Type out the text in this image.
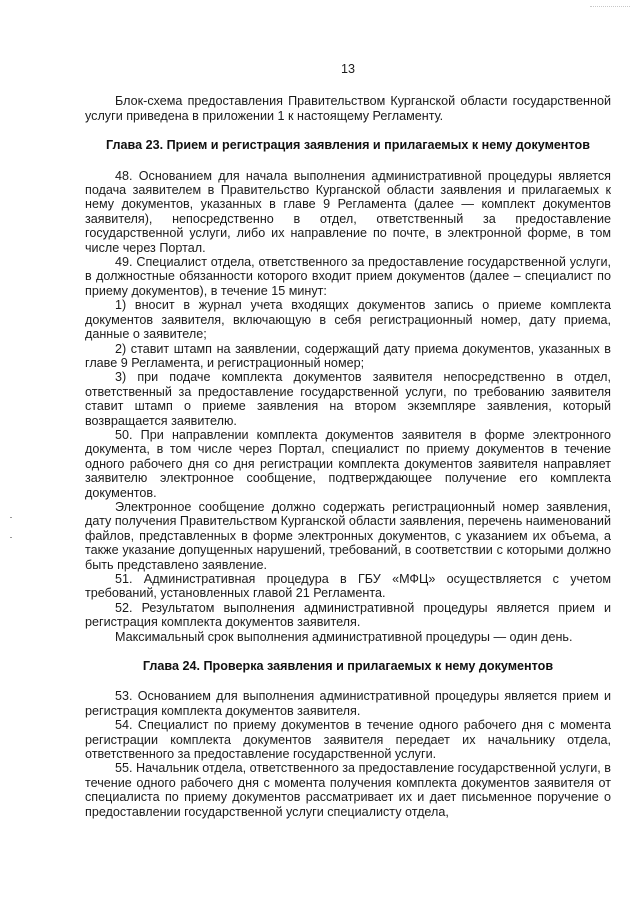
13

Блок-схема предоставления Правительством Курганской области государственной услуги приведена в приложении 1 к настоящему Регламенту.

Глава 23. Прием и регистрация заявления и прилагаемых к нему документов

48. Основанием для начала выполнения административной процедуры является подача заявителем в Правительство Курганской области заявления и прилагаемых к нему документов, указанных в главе 9 Регламента (далее — комплект документов заявителя), непосредственно в отдел, ответственный за предоставление государственной услуги, либо их направление по почте, в электронной форме, в том числе через Портал.

49. Специалист отдела, ответственного за предоставление государственной услуги, в должностные обязанности которого входит прием документов (далее – специалист по приему документов), в течение 15 минут:

1) вносит в журнал учета входящих документов запись о приеме комплекта документов заявителя, включающую в себя регистрационный номер, дату приема, данные о заявителе;

2) ставит штамп на заявлении, содержащий дату приема документов, указанных в главе 9 Регламента, и регистрационный номер;

3) при подаче комплекта документов заявителя непосредственно в отдел, ответственный за предоставление государственной услуги, по требованию заявителя ставит штамп о приеме заявления на втором экземпляре заявления, который возвращается заявителю.

50. При направлении комплекта документов заявителя в форме электронного документа, в том числе через Портал, специалист по приему документов в течение одного рабочего дня со дня регистрации комплекта документов заявителя направляет заявителю электронное сообщение, подтверждающее получение его комплекта документов.

Электронное сообщение должно содержать регистрационный номер заявления, дату получения Правительством Курганской области заявления, перечень наименований файлов, представленных в форме электронных документов, с указанием их объема, а также указание допущенных нарушений, требований, в соответствии с которыми должно быть представлено заявление.

51. Административная процедура в ГБУ «МФЦ» осуществляется с учетом требований, установленных главой 21 Регламента.

52. Результатом выполнения административной процедуры является прием и регистрация комплекта документов заявителя.

Максимальный срок выполнения административной процедуры — один день.

Глава 24. Проверка заявления и прилагаемых к нему документов

53. Основанием для выполнения административной процедуры является прием и регистрация комплекта документов заявителя.

54. Специалист по приему документов в течение одного рабочего дня с момента регистрации комплекта документов заявителя передает их начальнику отдела, ответственного за предоставление государственной услуги.

55. Начальник отдела, ответственного за предоставление государственной услуги, в течение одного рабочего дня с момента получения комплекта документов заявителя от специалиста по приему документов рассматривает их и дает письменное поручение о предоставлении государственной услуги специалисту отдела,
